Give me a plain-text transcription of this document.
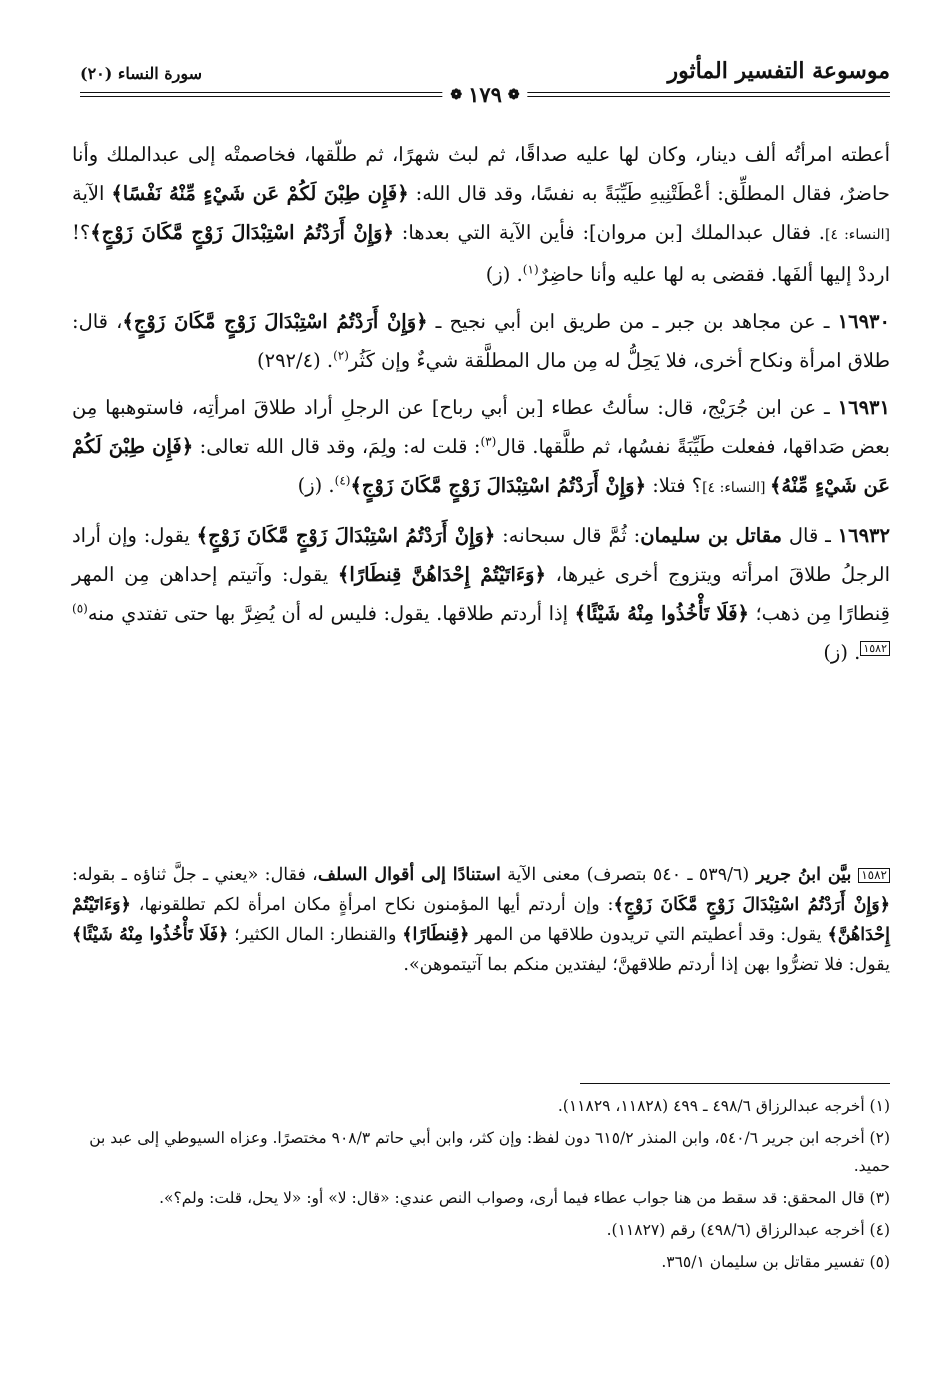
موسوعة التفسير المأثور
سورة النساء (٢٠)
❁
١٧٩
❁

أعطته امرأتُه ألف دينار، وكان لها عليه صداقًا، ثم لبث شهرًا، ثم طلّقها، فخاصمتْه إلى عبدالملك وأنا حاضرٌ، فقال المطلِّق: أعْطَتْنِيهِ طَيِّبَةً به نفسًا، وقد قال الله: ﴿فَإِن طِبْنَ لَكُمْ عَن شَيْءٍ مِّنْهُ نَفْسًا﴾ الآية [النساء: ٤]. فقال عبدالملك [بن مروان]: فأين الآية التي بعدها: ﴿وَإِنْ أَرَدْتُمُ اسْتِبْدَالَ زَوْجٍ مَّكَانَ زَوْجٍ﴾؟! ارددْ إليها ألفَها. فقضى به لها عليه وأنا حاضِرٌ$^{(١)}$. (ز)

١٦٩٣٠ ـ عن مجاهد بن جبر ـ من طريق ابن أبي نجيح ـ ﴿وَإِنْ أَرَدْتُمُ اسْتِبْدَالَ زَوْجٍ مَّكَانَ زَوْجٍ﴾، قال: طلاق امرأة ونكاح أخرى، فلا يَحِلُّ له مِن مال المطلَّقة شيءٌ وإن كَثُر$^{(٢)}$. (٢٩٢/٤)

١٦٩٣١ ـ عن ابن جُرَيْج، قال: سألتُ عطاء [بن أبي رباح] عن الرجلِ أراد طلاقَ امرأتِه، فاستوهبها مِن بعض صَداقها، ففعلت طَيِّبَةً نفسُها، ثم طلَّقها. قال$^{(٣)}$: قلت له: ولِمَ، وقد قال الله تعالى: ﴿فَإِن طِبْنَ لَكُمْ عَن شَيْءٍ مِّنْهُ﴾ [النساء: ٤]؟ فتلا: ﴿وَإِنْ أَرَدْتُمُ اسْتِبْدَالَ زَوْجٍ مَّكَانَ زَوْجٍ﴾$^{(٤)}$. (ز)

١٦٩٣٢ ـ قال مقاتل بن سليمان: ثُمَّ قال سبحانه: ﴿وَإِنْ أَرَدْتُمُ اسْتِبْدَالَ زَوْجٍ مَّكَانَ زَوْجٍ﴾ يقول: وإن أراد الرجلُ طلاقَ امرأته ويتزوج أخرى غيرها، ﴿وَءَاتَيْتُمْ إِحْدَاهُنَّ قِنطَارًا﴾ يقول: وآتيتم إحداهن مِن المهر قِنطارًا مِن ذهب؛ ﴿فَلَا تَأْخُذُوا مِنْهُ شَيْئًا﴾ إذا أردتم طلاقها. يقول: فليس له أن يُضِرَّ بها حتى تفتدي منه$^{(٥)}$١٥٨٢. (ز)

١٥٨٢ بيَّن ابنُ جرير (٥٣٩/٦ ـ ٥٤٠ بتصرف) معنى الآية استنادًا إلى أقوال السلف، فقال: «يعني ـ جلَّ ثناؤه ـ بقوله: ﴿وَإِنْ أَرَدْتُمُ اسْتِبْدَالَ زَوْجٍ مَّكَانَ زَوْجٍ﴾: وإن أردتم أيها المؤمنون نكاح امرأةٍ مكان امرأة لكم تطلقونها، ﴿وَءَاتَيْتُمْ إِحْدَاهُنَّ﴾ يقول: وقد أعطيتم التي تريدون طلاقها من المهر ﴿قِنطَارًا﴾ والقنطار: المال الكثير؛ ﴿فَلَا تَأْخُذُوا مِنْهُ شَيْئًا﴾ يقول: فلا تضرُّوا بهن إذا أردتم طلاقهنَّ؛ ليفتدين منكم بما آتيتموهن».

(١) أخرجه عبدالرزاق ٤٩٨/٦ ـ ٤٩٩ (١١٨٢٨، ١١٨٢٩).

(٢) أخرجه ابن جرير ٥٤٠/٦، وابن المنذر ٦١٥/٢ دون لفظ: وإن كثر، وابن أبي حاتم ٩٠٨/٣ مختصرًا. وعزاه السيوطي إلى عبد بن حميد.

(٣) قال المحقق: قد سقط من هنا جواب عطاء فيما أرى، وصواب النص عندي: «قال: لا» أو: «لا يحل، قلت: ولم؟».

(٤) أخرجه عبدالرزاق (٤٩٨/٦) رقم (١١٨٢٧).

(٥) تفسير مقاتل بن سليمان ٣٦٥/١.
